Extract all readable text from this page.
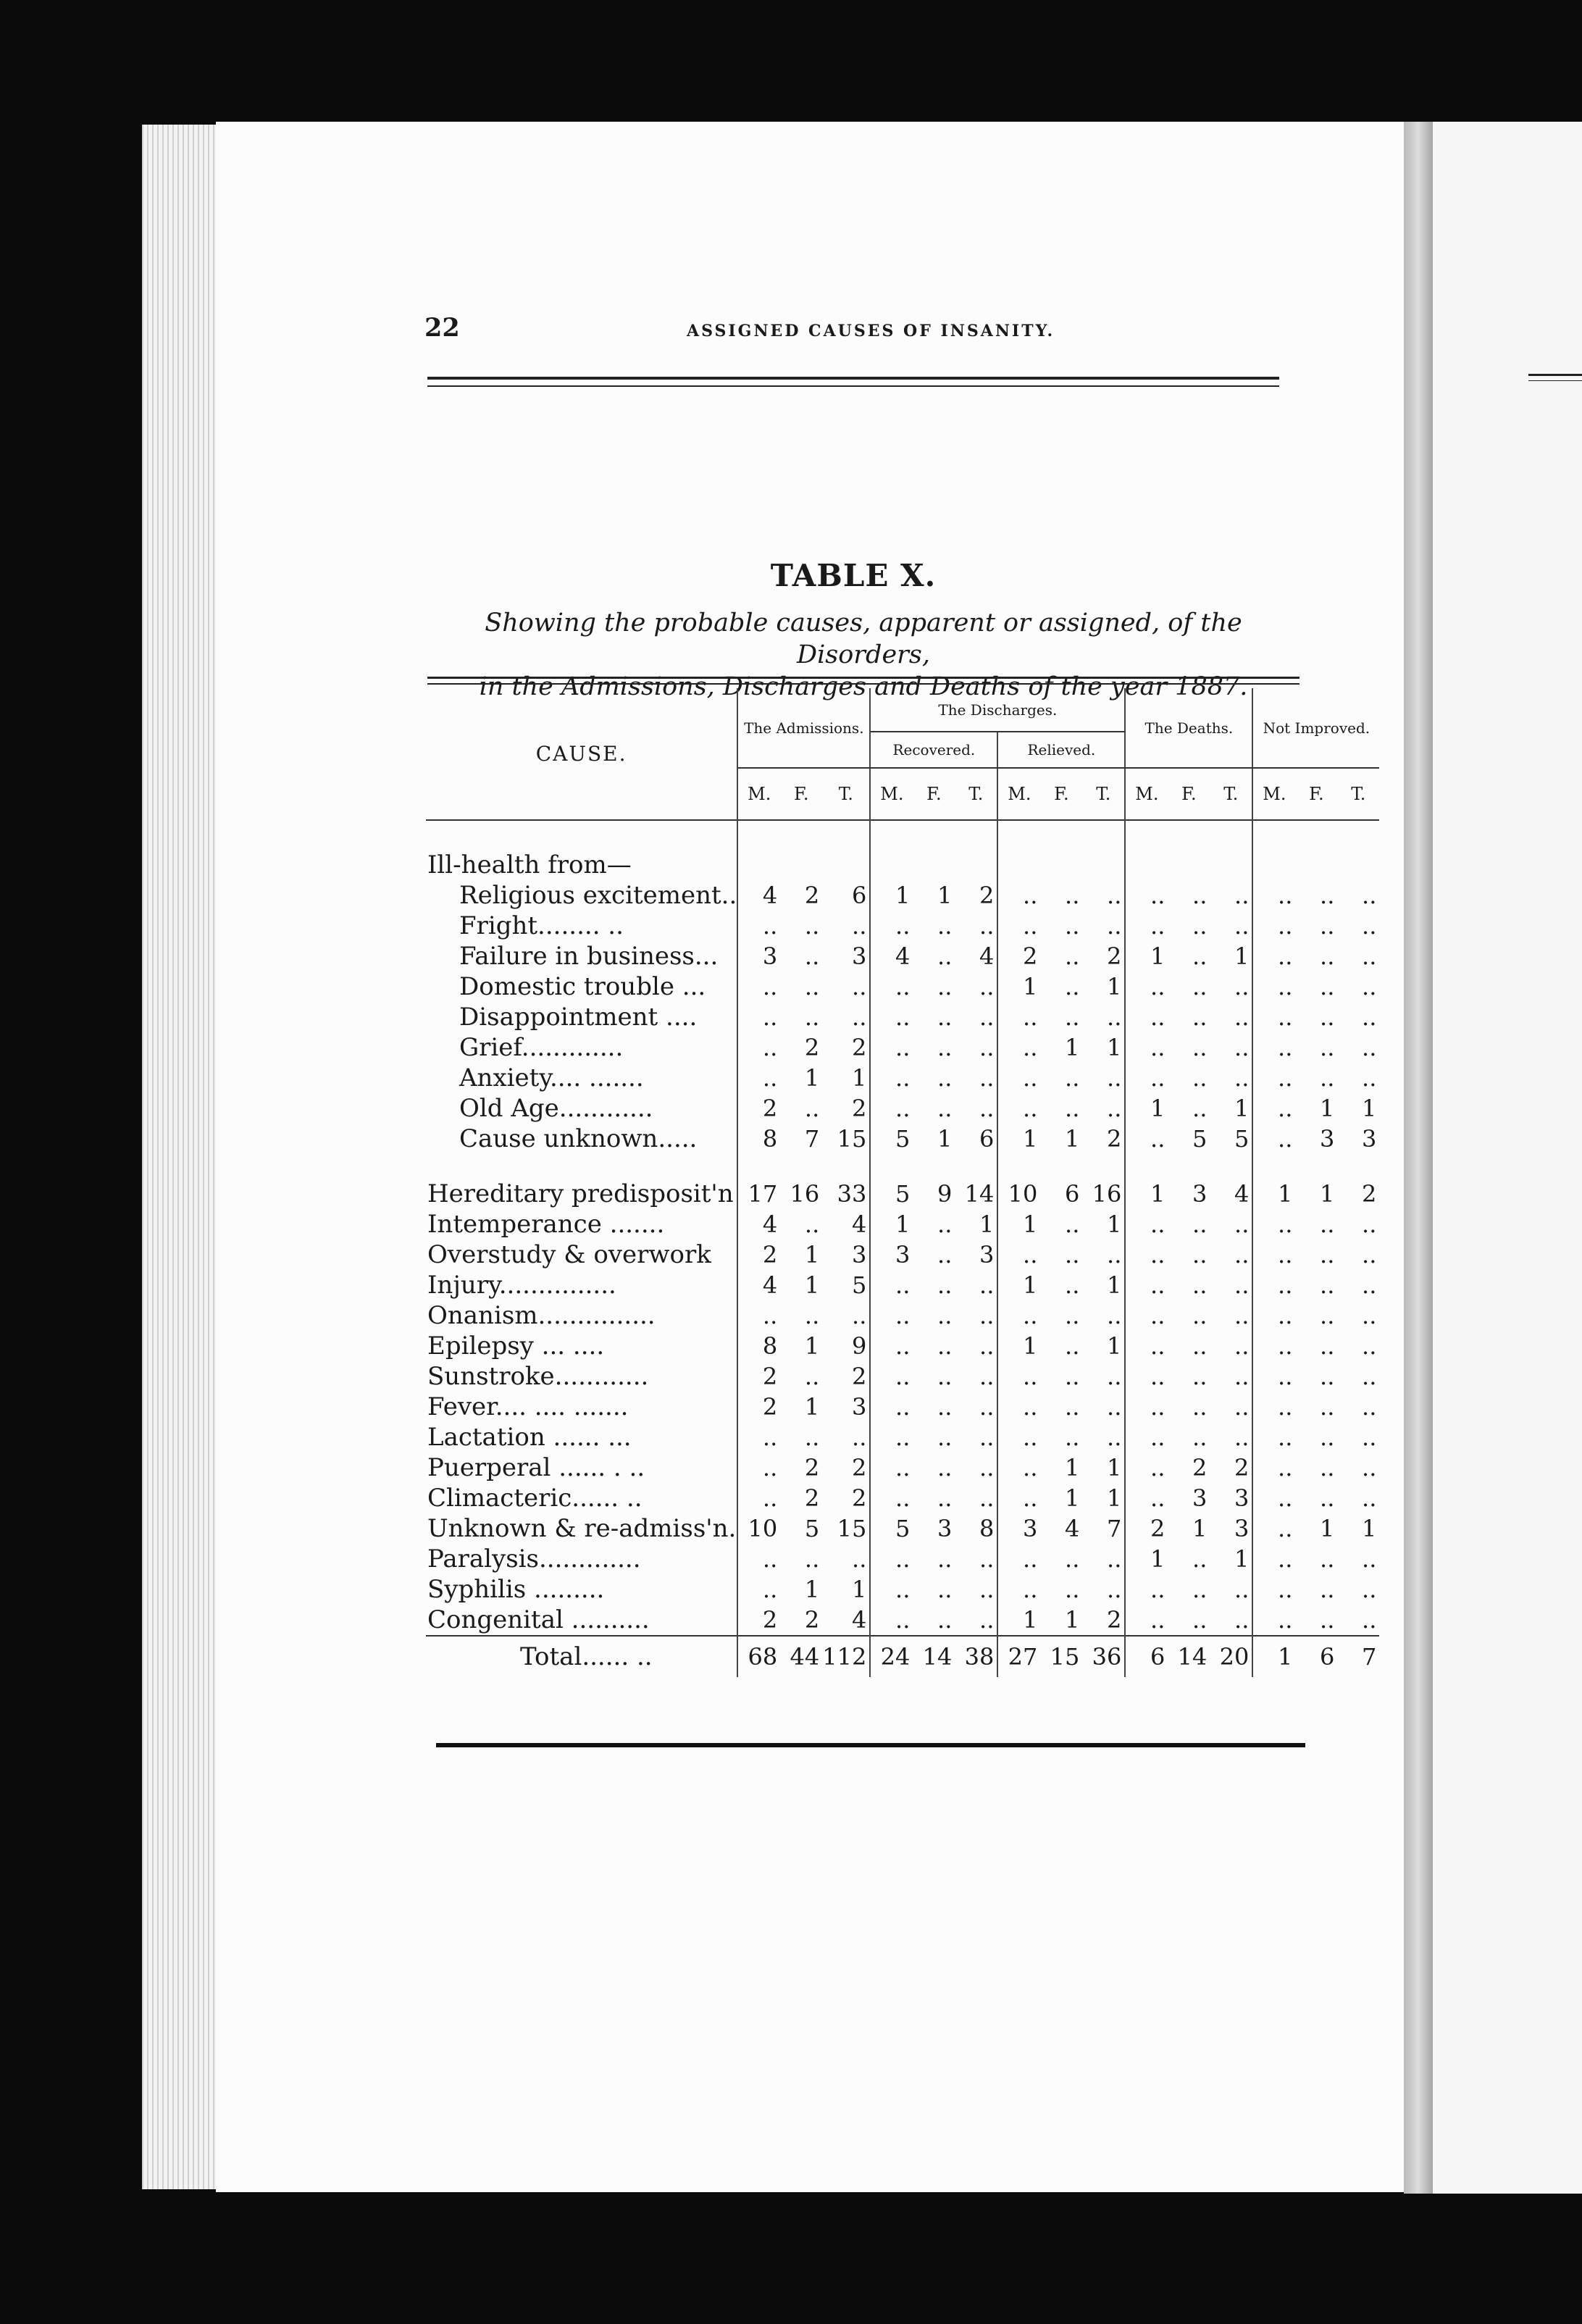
22	ASSIGNED CAUSES OF INSANITY.
TABLE X.
Showing the probable causes, apparent or assigned, of the Disorders,
in the Admissions, Discharges and Deaths of the year 1887.
CAUSE.	The Admissions.			The Discharges.						The Deaths.			Not Improved.		
				Recovered.			Relieved.								
	M.	F.	T.	M.	F.	T.	M.	F.	T.	M.	F.	T.	M.	F.	T.

Ill-health from—															
Religious excitement..	4	2	6	1	1	2	..	..	..	..	..	..	..	..	..
Fright........ ..	..	..	..	..	..	..	..	..	..	..	..	..	..	..	..
Failure in business...	3	..	3	4	..	4	2	..	2	1	..	1	..	..	..
Domestic trouble ...	..	..	..	..	..	..	1	..	1	..	..	..	..	..	..
Disappointment ....	..	..	..	..	..	..	..	..	..	..	..	..	..	..	..
Grief.............	..	2	2	..	..	..	..	1	1	..	..	..	..	..	..
Anxiety.... .......	..	1	1	..	..	..	..	..	..	..	..	..	..	..	..
Old Age............	2	..	2	..	..	..	..	..	..	1	..	1	..	1	1
Cause unknown.....	8	7	15	5	1	6	1	1	2	..	5	5	..	3	3

Hereditary predisposit'n	17	16	33	5	9	14	10	6	16	1	3	4	1	1	2
Intemperance .......	4	..	4	1	..	1	1	..	1	..	..	..	..	..	..
Overstudy & overwork	2	1	3	3	..	3	..	..	..	..	..	..	..	..	..
Injury...............	4	1	5	..	..	..	1	..	1	..	..	..	..	..	..
Onanism...............	..	..	..	..	..	..	..	..	..	..	..	..	..	..	..
Epilepsy ... ....	8	1	9	..	..	..	1	..	1	..	..	..	..	..	..
Sunstroke............	2	..	2	..	..	..	..	..	..	..	..	..	..	..	..
Fever.... .... .......	2	1	3	..	..	..	..	..	..	..	..	..	..	..	..
Lactation ...... ...	..	..	..	..	..	..	..	..	..	..	..	..	..	..	..
Puerperal ...... . ..	..	2	2	..	..	..	..	1	1	..	2	2	..	..	..
Climacteric...... ..	..	2	2	..	..	..	..	1	1	..	3	3	..	..	..
Unknown & re-admiss'n.	10	5	15	5	3	8	3	4	7	2	1	3	..	1	1
Paralysis.............	..	..	..	..	..	..	..	..	..	1	..	1	..	..	..
Syphilis .........	..	1	1	..	..	..	..	..	..	..	..	..	..	..	..
Congenital ..........	2	2	4	..	..	..	1	1	2	..	..	..	..	..	..
Total...... ..	68	44	112	24	14	38	27	15	36	6	14	20	1	6	7
